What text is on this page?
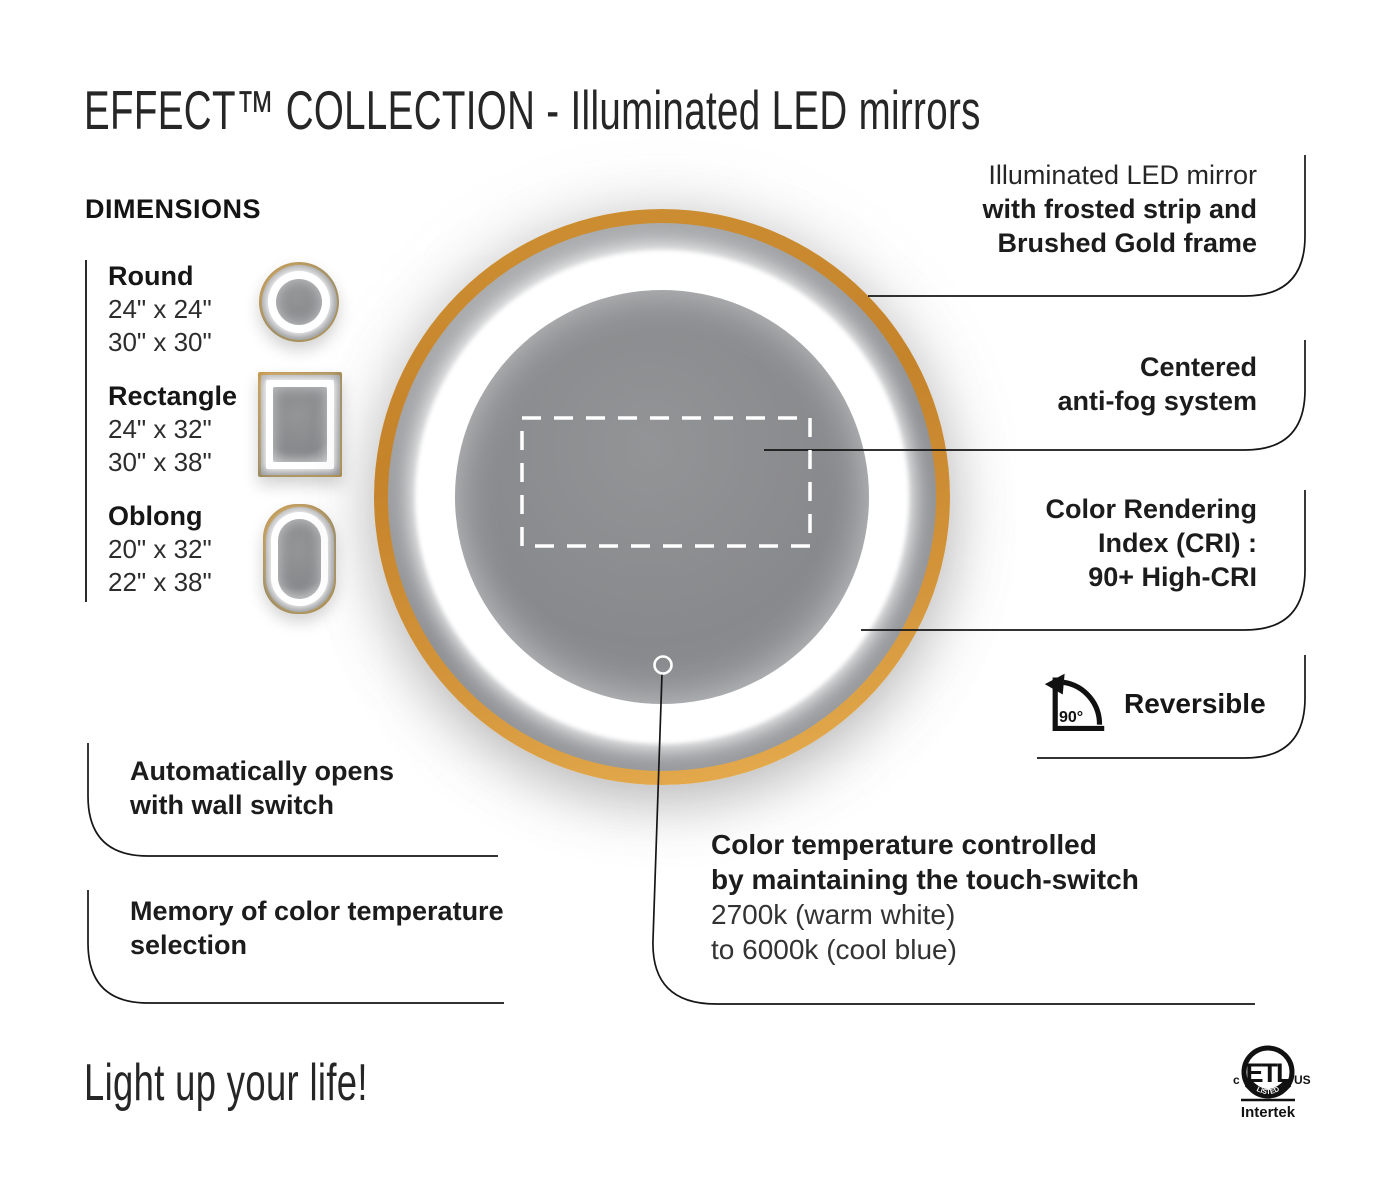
EFFECT™ COLLECTION - Illuminated LED mirrors
Light up your life!
DIMENSIONS
Round
24" x 24"
30" x 30"
Rectangle
24" x 32"
30" x 38"
Oblong
20" x 32"
22" x 38"
Illuminated LED mirror
with frosted strip and
Brushed Gold frame
Centered
anti-fog system
Color Rendering
Index (CRI) :
90+ High-CRI
90° Reversible
Automatically opens
with wall switch
Memory of color temperature
selection
Color temperature controlled
by maintaining the touch-switch
2700k (warm white)
to 6000k (cool blue)
ETL
LISTED
c	US
Intertek
